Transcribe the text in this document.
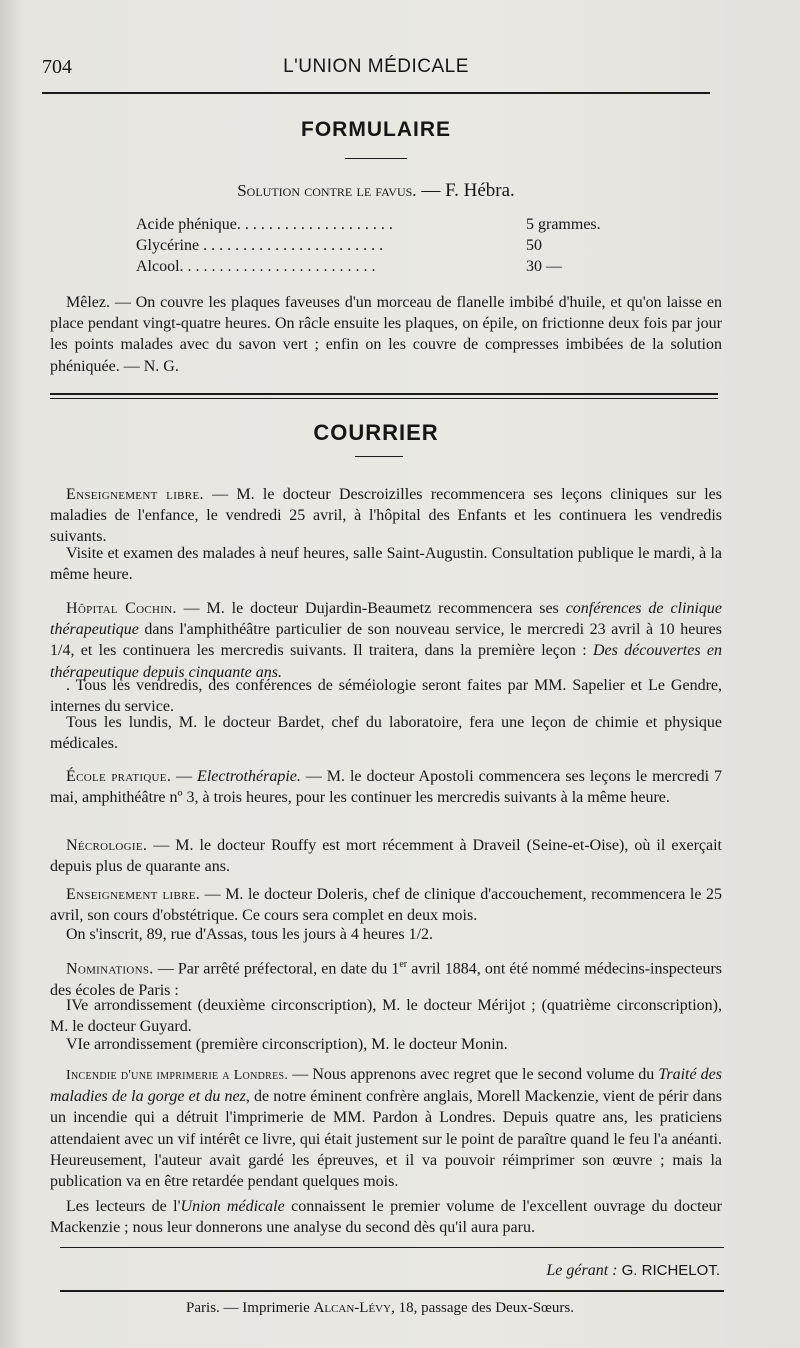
704	L'UNION MÉDICALE
FORMULAIRE
Solution contre le favus. — F. Hébra.
Acide phénique. . . . . . . . . . . . . . . . . . . .	5 grammes.
Glycérine . . . . . . . . . . . . . . . . . . . . . . .	50
Alcool. . . . . . . . . . . . . . . . . . . . . . . . .	30 —
Mêlez. — On couvre les plaques faveuses d'un morceau de flanelle imbibé d'huile, et qu'on laisse en place pendant vingt-quatre heures. On râcle ensuite les plaques, on épile, on frictionne deux fois par jour les points malades avec du savon vert ; enfin on les couvre de compresses imbibées de la solution phéniquée. — N. G.
COURRIER
Enseignement libre. — M. le docteur Descroizilles recommencera ses leçons cliniques sur les maladies de l'enfance, le vendredi 25 avril, à l'hôpital des Enfants et les continuera les vendredis suivants.
Visite et examen des malades à neuf heures, salle Saint-Augustin. Consultation publique le mardi, à la même heure.
Hôpital Cochin. — M. le docteur Dujardin-Beaumetz recommencera ses conférences de clinique thérapeutique dans l'amphithéâtre particulier de son nouveau service, le mercredi 23 avril à 10 heures 1/4, et les continuera les mercredis suivants. Il traitera, dans la première leçon : Des découvertes en thérapeutique depuis cinquante ans.
. Tous les vendredis, des conférences de séméiologie seront faites par MM. Sapelier et Le Gendre, internes du service.
Tous les lundis, M. le docteur Bardet, chef du laboratoire, fera une leçon de chimie et physique médicales.
École pratique. — Electrothérapie. — M. le docteur Apostoli commencera ses leçons le mercredi 7 mai, amphithéâtre nº 3, à trois heures, pour les continuer les mercredis suivants à la même heure.
Nécrologie. — M. le docteur Rouffy est mort récemment à Draveil (Seine-et-Oise), où il exerçait depuis plus de quarante ans.
Enseignement libre. — M. le docteur Doleris, chef de clinique d'accouchement, recommencera le 25 avril, son cours d'obstétrique. Ce cours sera complet en deux mois.
On s'inscrit, 89, rue d'Assas, tous les jours à 4 heures 1/2.
Nominations. — Par arrêté préfectoral, en date du 1er avril 1884, ont été nommé médecins-inspecteurs des écoles de Paris :
IVe arrondissement (deuxième circonscription), M. le docteur Mérijot ; (quatrième circonscription), M. le docteur Guyard.
VIe arrondissement (première circonscription), M. le docteur Monin.
Incendie d'une imprimerie a Londres. — Nous apprenons avec regret que le second volume du Traité des maladies de la gorge et du nez, de notre éminent confrère anglais, Morell Mackenzie, vient de périr dans un incendie qui a détruit l'imprimerie de MM. Pardon à Londres. Depuis quatre ans, les praticiens attendaient avec un vif intérêt ce livre, qui était justement sur le point de paraître quand le feu l'a anéanti. Heureusement, l'auteur avait gardé les épreuves, et il va pouvoir réimprimer son œuvre ; mais la publication va en être retardée pendant quelques mois.
Les lecteurs de l'Union médicale connaissent le premier volume de l'excellent ouvrage du docteur Mackenzie ; nous leur donnerons une analyse du second dès qu'il aura paru.
Le gérant : G. RICHELOT.
Paris. — Imprimerie Alcan-Lévy, 18, passage des Deux-Sœurs.
